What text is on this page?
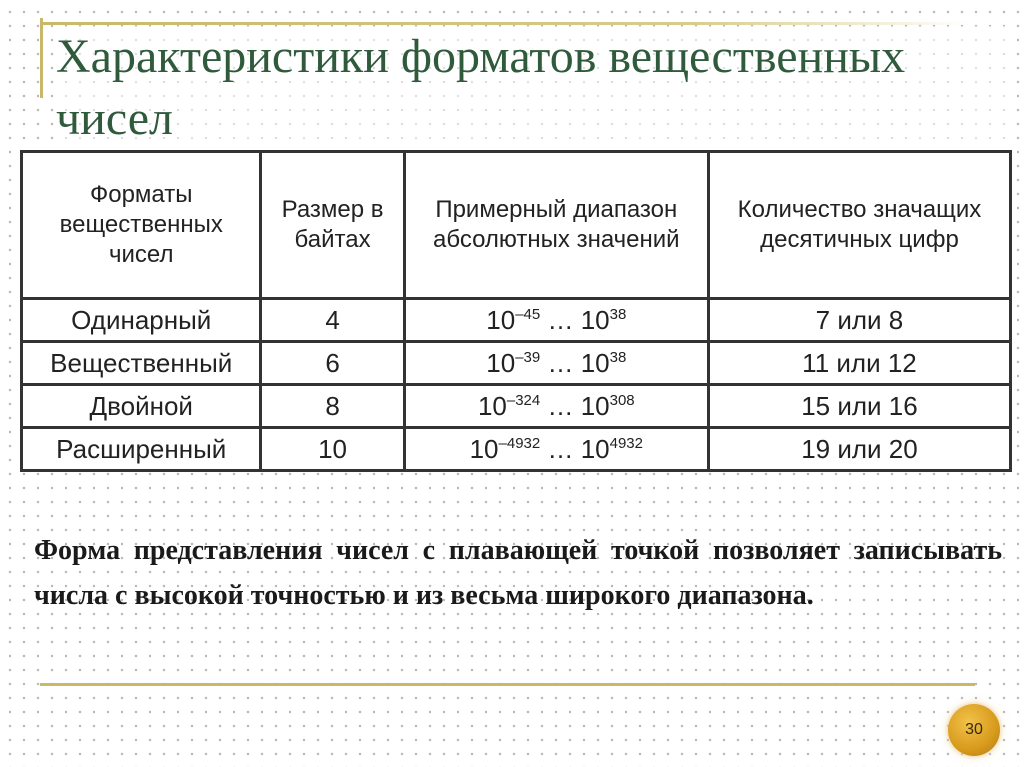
Характеристики форматов вещественных чисел
Форматы вещественных чисел	Размер в байтах	Примерный диапазон абсолютных значений	Количество значащих десятичных цифр
Одинарный	4	$10^{-45}$ … $10^{38}$	7 или 8
Вещественный	6	$10^{-39}$ … $10^{38}$	11 или 12
Двойной	8	$10^{-324}$ … $10^{308}$	15 или 16
Расширенный	10	$10^{-4932}$ … $10^{4932}$	19 или 20

Форма представления чисел с плавающей точкой позволяет записывать числа с высокой точностью и из весьма широкого диапазона.

30
